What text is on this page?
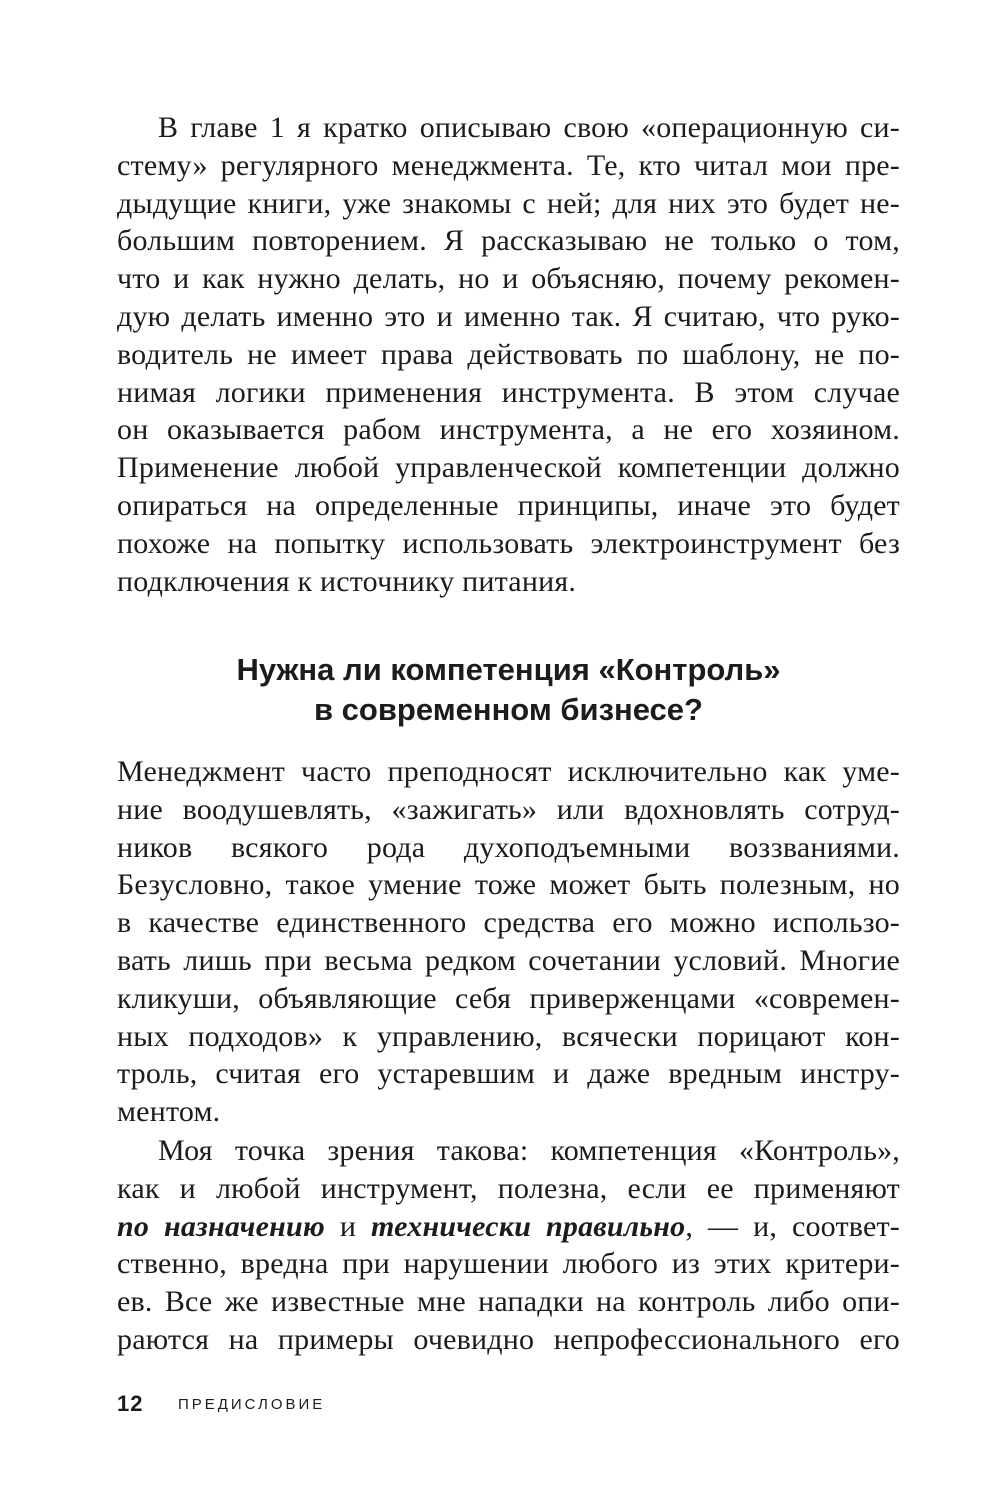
В главе 1 я кратко описываю свою «операционную си-
стему» регулярного менеджмента. Те, кто читал мои пре-
дыдущие книги, уже знакомы с ней; для них это будет не-
большим повторением. Я рассказываю не только о том,
что и как нужно делать, но и объясняю, почему рекомен-
дую делать именно это и именно так. Я считаю, что руко-
водитель не имеет права действовать по шаблону, не по-
нимая логики применения инструмента. В этом случае
он оказывается рабом инструмента, а не его хозяином.
Применение любой управленческой компетенции должно
опираться на определенные принципы, иначе это будет
похоже на попытку использовать электроинструмент без
подключения к источнику питания.
Нужна ли компетенция «Контроль»
в современном бизнесе?
Менеджмент часто преподносят исключительно как уме-
ние воодушевлять, «зажигать» или вдохновлять сотруд-
ников всякого рода духоподъемными воззваниями.
Безусловно, такое умение тоже может быть полезным, но
в качестве единственного средства его можно использо-
вать лишь при весьма редком сочетании условий. Многие
кликуши, объявляющие себя приверженцами «современ-
ных подходов» к управлению, всячески порицают кон-
троль, считая его устаревшим и даже вредным инстру-
ментом.
Моя точка зрения такова: компетенция «Контроль»,
как и любой инструмент, полезна, если ее применяют
по назначению и технически правильно, — и, соответ-
ственно, вредна при нарушении любого из этих критери-
ев. Все же известные мне нападки на контроль либо опи-
раются на примеры очевидно непрофессионального его
12 ПРЕДИСЛОВИЕ
